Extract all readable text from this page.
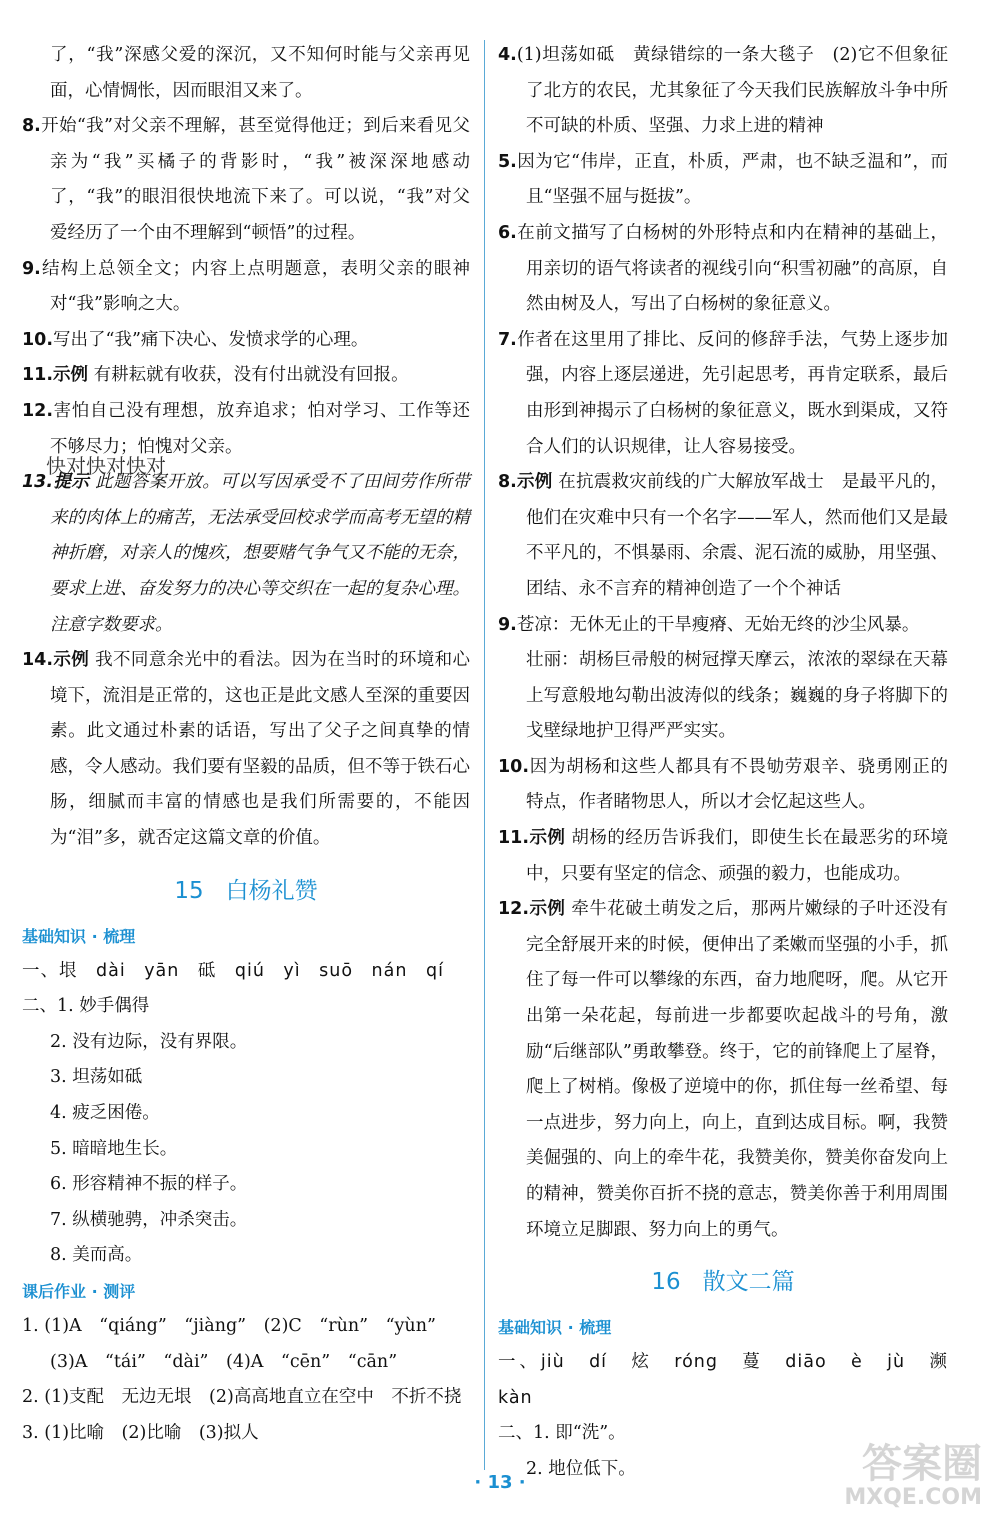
了，“我”深感父爱的深沉，又不知何时能与父亲再见面，心情惆怅，因而眼泪又来了。

8.开始“我”对父亲不理解，甚至觉得他迂；到后来看见父亲为“我”买橘子的背影时，“我”被深深地感动了，“我”的眼泪很快地流下来了。可以说，“我”对父爱经历了一个由不理解到“顿悟”的过程。

9.结构上总领全文；内容上点明题意，表明父亲的眼神对“我”影响之大。

10.写出了“我”痛下决心、发愤求学的心理。

11.示例 有耕耘就有收获，没有付出就没有回报。

12.害怕自己没有理想，放弃追求；怕对学习、工作等还不够尽力；怕愧对父亲。

13.提示 此题答案开放。可以写因承受不了田间劳作所带来的肉体上的痛苦，无法承受回校求学而高考无望的精神折磨，对亲人的愧疚，想要赌气争气又不能的无奈，要求上进、奋发努力的决心等交织在一起的复杂心理。注意字数要求。

14.示例 我不同意余光中的看法。因为在当时的环境和心境下，流泪是正常的，这也正是此文感人至深的重要因素。此文通过朴素的话语，写出了父子之间真挚的情感，令人感动。我们要有坚毅的品质，但不等于铁石心肠，细腻而丰富的情感也是我们所需要的，不能因为“泪”多，就否定这篇文章的价值。

15 白杨礼赞
基础知识 · 梳理

一、垠　dài　yān　砥　qiú　yì　suō　nán　qí

二、1. 妙手偶得

2. 没有边际，没有界限。

3. 坦荡如砥

4. 疲乏困倦。

5. 暗暗地生长。

6. 形容精神不振的样子。

7. 纵横驰骋，冲杀突击。

8. 美而高。

课后作业 · 测评

1. (1)A　“qiáng”　“jiàng”　(2)C　“rùn”　“yùn”

(3)A　“tái”　“dài”　(4)A　“cēn”　“cān”

2. (1)支配　无边无垠　(2)高高地直立在空中　不折不挠

3. (1)比喻　(2)比喻　(3)拟人

快对快对快对

4.(1)坦荡如砥　黄绿错综的一条大毯子　(2)它不但象征了北方的农民，尤其象征了今天我们民族解放斗争中所不可缺的朴质、坚强、力求上进的精神

5.因为它“伟岸，正直，朴质，严肃，也不缺乏温和”，而且“坚强不屈与挺拔”。

6.在前文描写了白杨树的外形特点和内在精神的基础上，用亲切的语气将读者的视线引向“积雪初融”的高原，自然由树及人，写出了白杨树的象征意义。

7.作者在这里用了排比、反问的修辞手法，气势上逐步加强，内容上逐层递进，先引起思考，再肯定联系，最后由形到神揭示了白杨树的象征意义，既水到渠成，又符合人们的认识规律，让人容易接受。

8.示例 在抗震救灾前线的广大解放军战士　是最平凡的，他们在灾难中只有一个名字——军人，然而他们又是最不平凡的，不惧暴雨、余震、泥石流的威胁，用坚强、团结、永不言弃的精神创造了一个个神话

9.苍凉：无休无止的干旱瘦瘠、无始无终的沙尘风暴。

壮丽：胡杨巨帚般的树冠撑天摩云，浓浓的翠绿在天幕上写意般地勾勒出波涛似的线条；巍巍的身子将脚下的戈壁绿地护卫得严严实实。

10.因为胡杨和这些人都具有不畏劬劳艰辛、骁勇刚正的特点，作者睹物思人，所以才会忆起这些人。

11.示例 胡杨的经历告诉我们，即使生长在最恶劣的环境中，只要有坚定的信念、顽强的毅力，也能成功。

12.示例 牵牛花破土萌发之后，那两片嫩绿的子叶还没有完全舒展开来的时候，便伸出了柔嫩而坚强的小手，抓住了每一件可以攀缘的东西，奋力地爬呀，爬。从它开出第一朵花起，每前进一步都要吹起战斗的号角，激励“后继部队”勇敢攀登。终于，它的前锋爬上了屋脊，爬上了树梢。像极了逆境中的你，抓住每一丝希望、每一点进步，努力向上，向上，直到达成目标。啊，我赞美倔强的、向上的牵牛花，我赞美你，赞美你奋发向上的精神，赞美你百折不挠的意志，赞美你善于利用周围环境立足脚跟、努力向上的勇气。

16 散文二篇
基础知识 · 梳理

一、jiù　dí　炫　róng　蔓　diāo　è　jù　濒　kàn

二、1. 即“洗”。

2. 地位低下。

· 13 ·	答案圈
MXQE.COM
